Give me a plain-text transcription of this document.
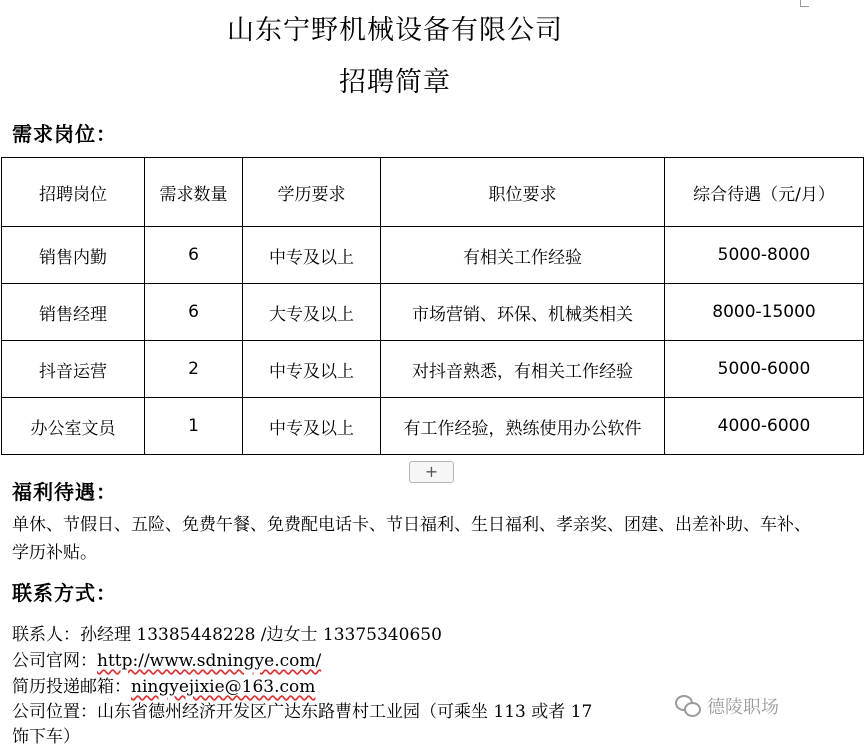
山东宁野机械设备有限公司
招聘简章
需求岗位：
招聘岗位	需求数量	学历要求	职位要求	综合待遇（元/月）
销售内勤	6	中专及以上	有相关工作经验	5000-8000
销售经理	6	大专及以上	市场营销、环保、机械类相关	8000-15000
抖音运营	2	中专及以上	对抖音熟悉，有相关工作经验	5000-6000
办公室文员	1	中专及以上	有工作经验，熟练使用办公软件	4000-6000
+
福利待遇：
单休、节假日、五险、免费午餐、免费配电话卡、节日福利、生日福利、孝亲奖、团建、出差补助、车补、学历补贴。
联系方式：
联系人：孙经理 13385448228 /边女士 13375340650
公司官网：http://www.sdningye.com/
简历投递邮箱：ningyejixie@163.com
公司位置：山东省德州经济开发区广达东路曹村工业园（可乘坐 113 或者 17
饰下车）
德陵职场
